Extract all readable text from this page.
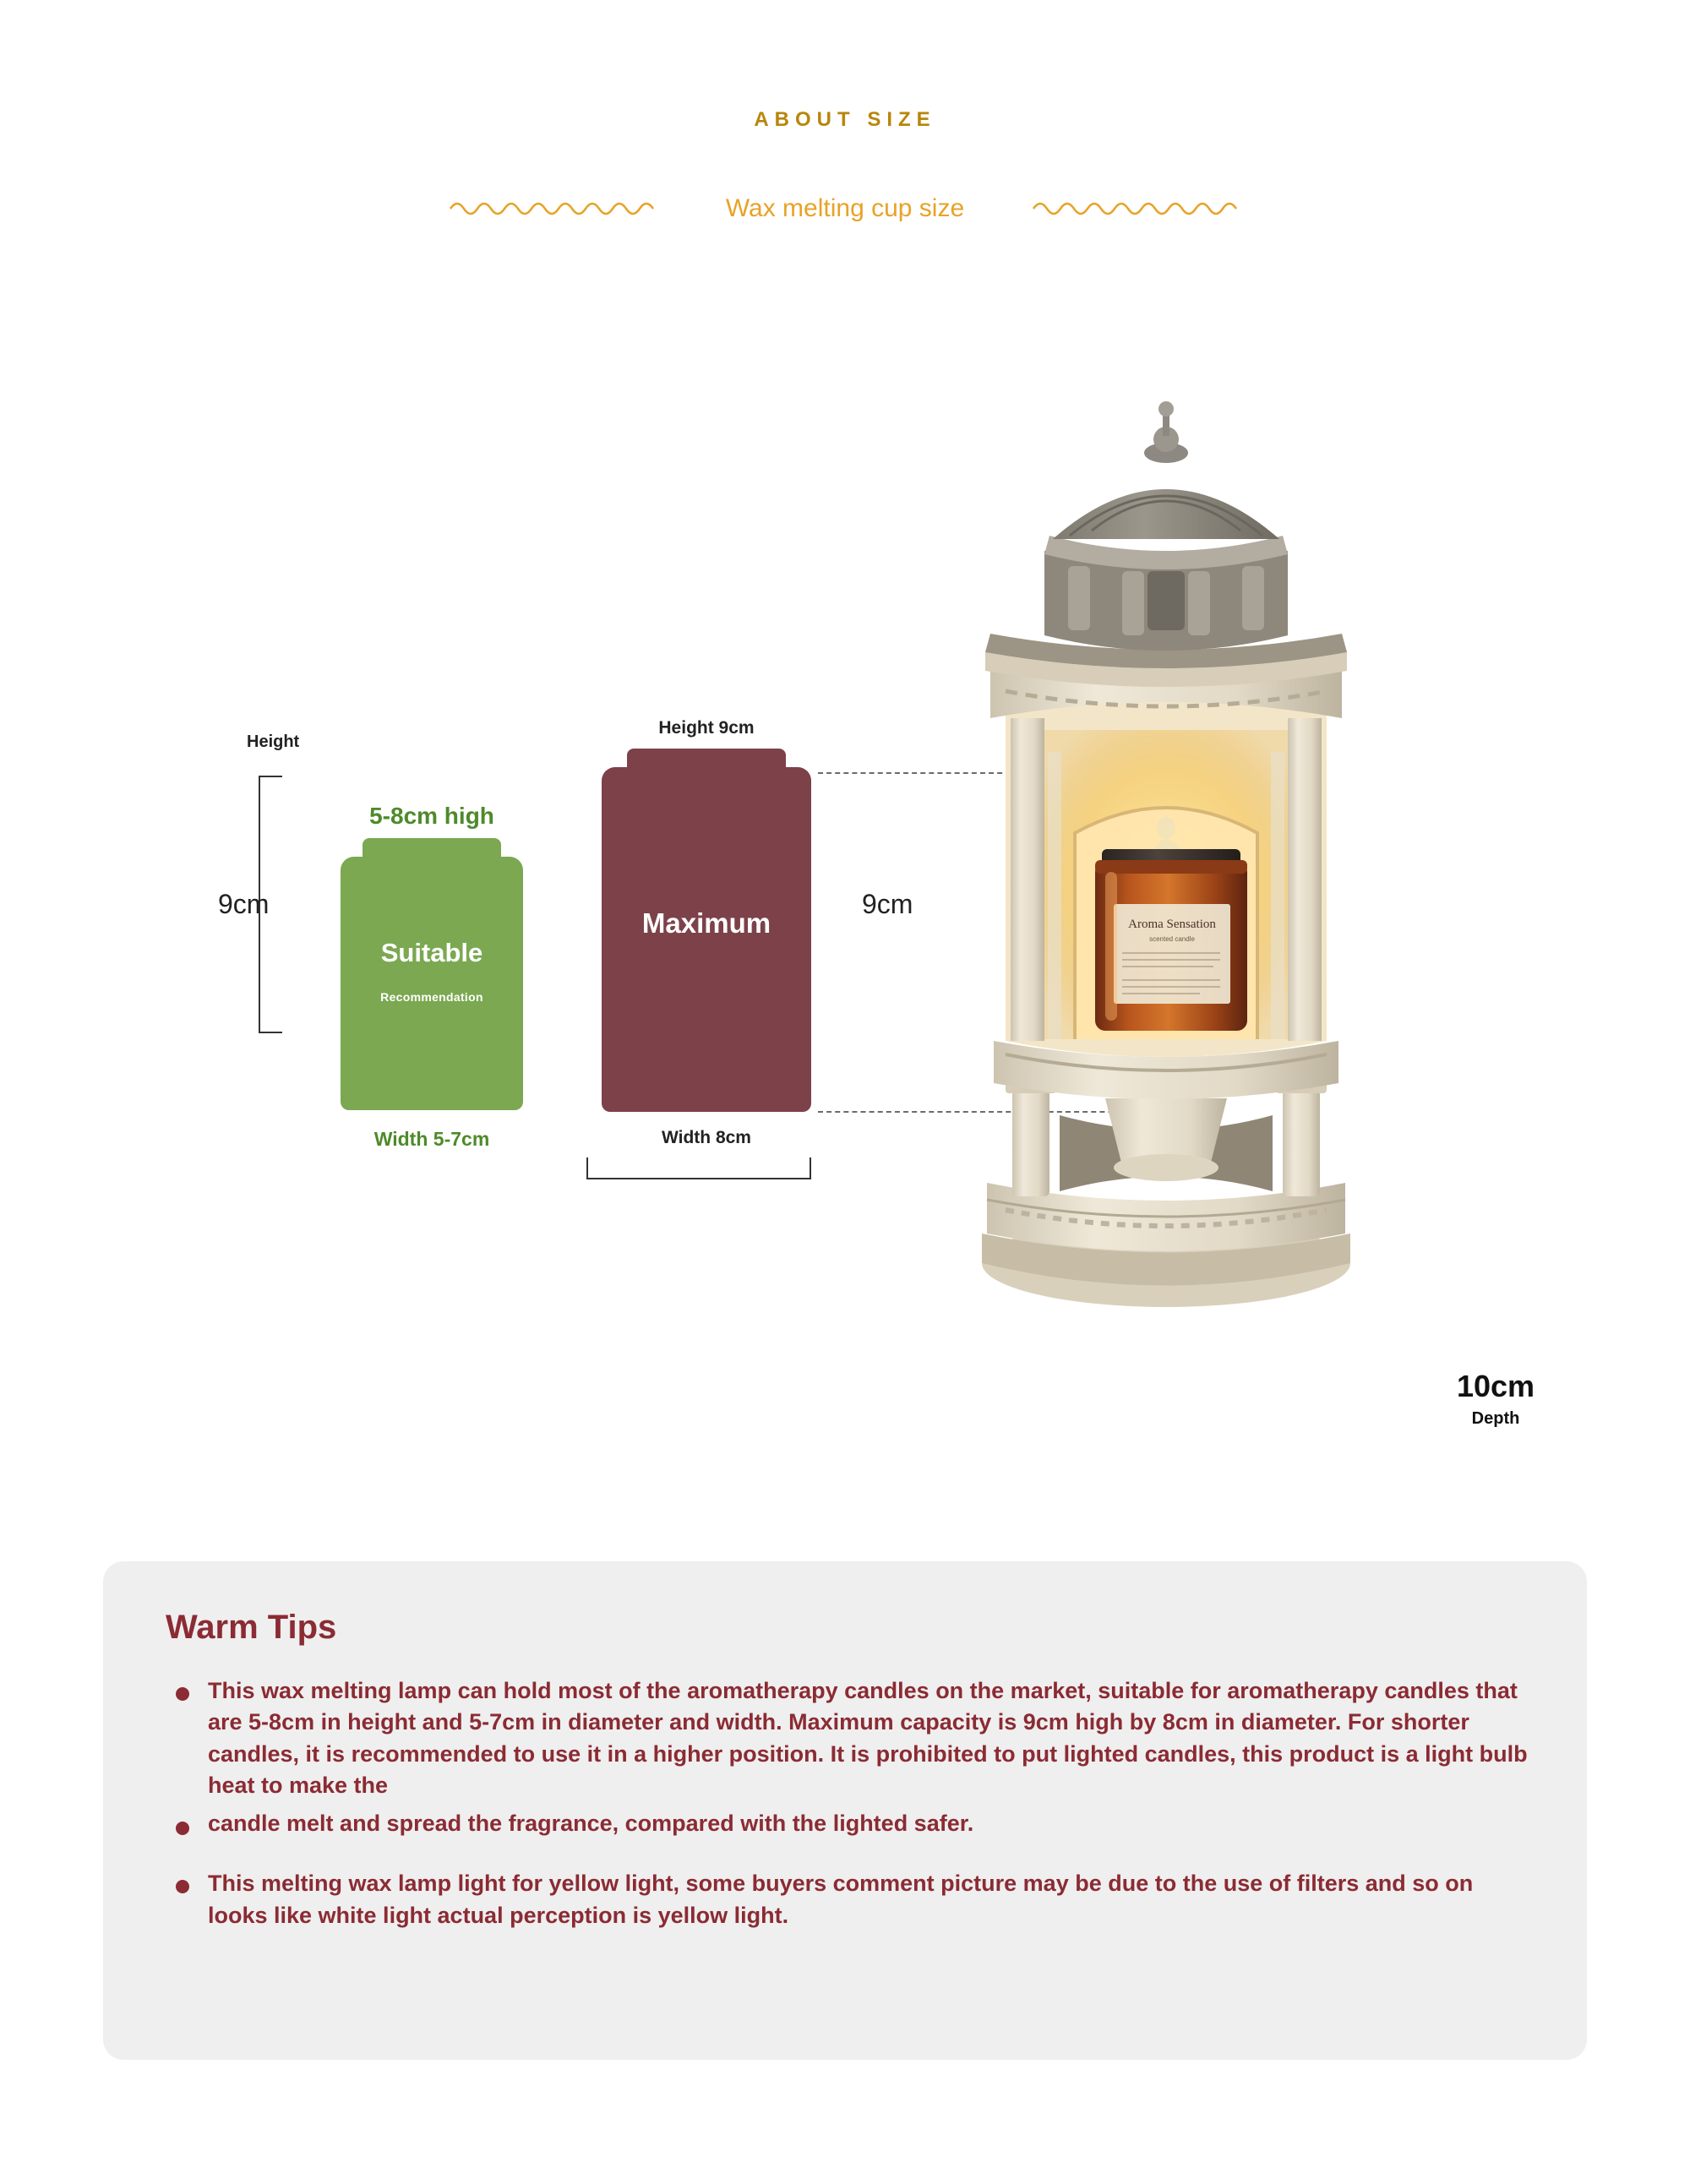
ABOUT SIZE
Wax melting cup size
Height
9cm
5-8cm high
Suitable
Recommendation
Width 5-7cm
Height 9cm
Maximum
Width 8cm
9cm
Aroma Sensation
scented candle
10cm
Depth
Warm Tips
This wax melting lamp can hold most of the aromatherapy candles on the market, suitable for aromatherapy candles that are 5-8cm in height and 5-7cm in diameter and width. Maximum capacity is 9cm high by 8cm in diameter. For shorter candles, it is recommended to use it in a higher position. It is prohibited to put lighted candles, this product is a light bulb heat to make the
candle melt and spread the fragrance, compared with the lighted safer.
This melting wax lamp light for yellow light, some buyers comment picture may be due to the use of filters and so on looks like white light actual perception is yellow light.
